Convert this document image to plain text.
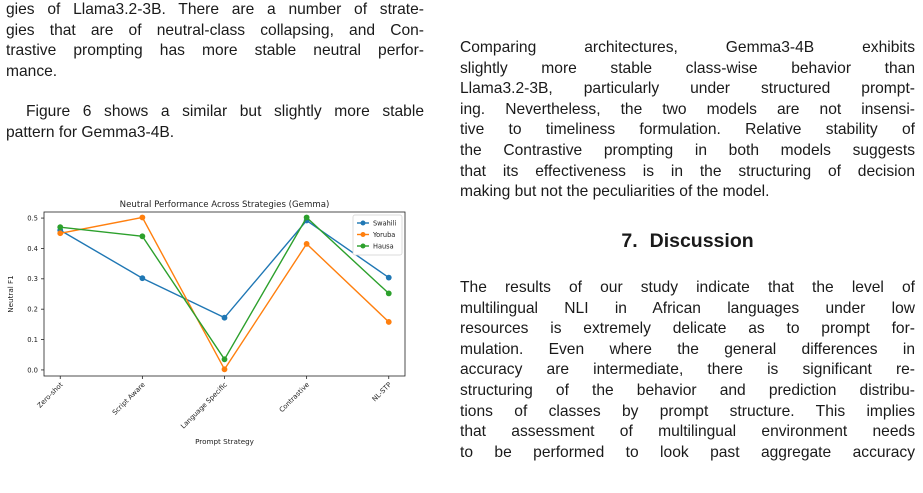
gies of Llama3.2-3B. There are a number of strate-
gies that are of neutral-class collapsing, and Con-
trastive prompting has more stable neutral perfor-
mance.

Figure 6 shows a similar but slightly more stable
pattern for Gemma3-4B.

Neutral Performance Across Strategies (Gemma)
0.0
0.1
0.2
0.3
0.4
0.5
Zero-shot	Script Aware	Language Specific	Contrastive	NL-STP
Prompt Strategy
Neutral F1
Swahili
Yoruba
Hausa

Comparing architectures, Gemma3-4B exhibits
slightly more stable class-wise behavior than
Llama3.2-3B, particularly under structured prompt-
ing. Nevertheless, the two models are not insensi-
tive to timeliness formulation. Relative stability of
the Contrastive prompting in both models suggests
that its effectiveness is in the structuring of decision
making but not the peculiarities of the model.

7. Discussion

The results of our study indicate that the level of
multilingual NLI in African languages under low
resources is extremely delicate as to prompt for-
mulation. Even where the general differences in
accuracy are intermediate, there is significant re-
structuring of the behavior and prediction distribu-
tions of classes by prompt structure. This implies
that assessment of multilingual environment needs
to be performed to look past aggregate accuracy
